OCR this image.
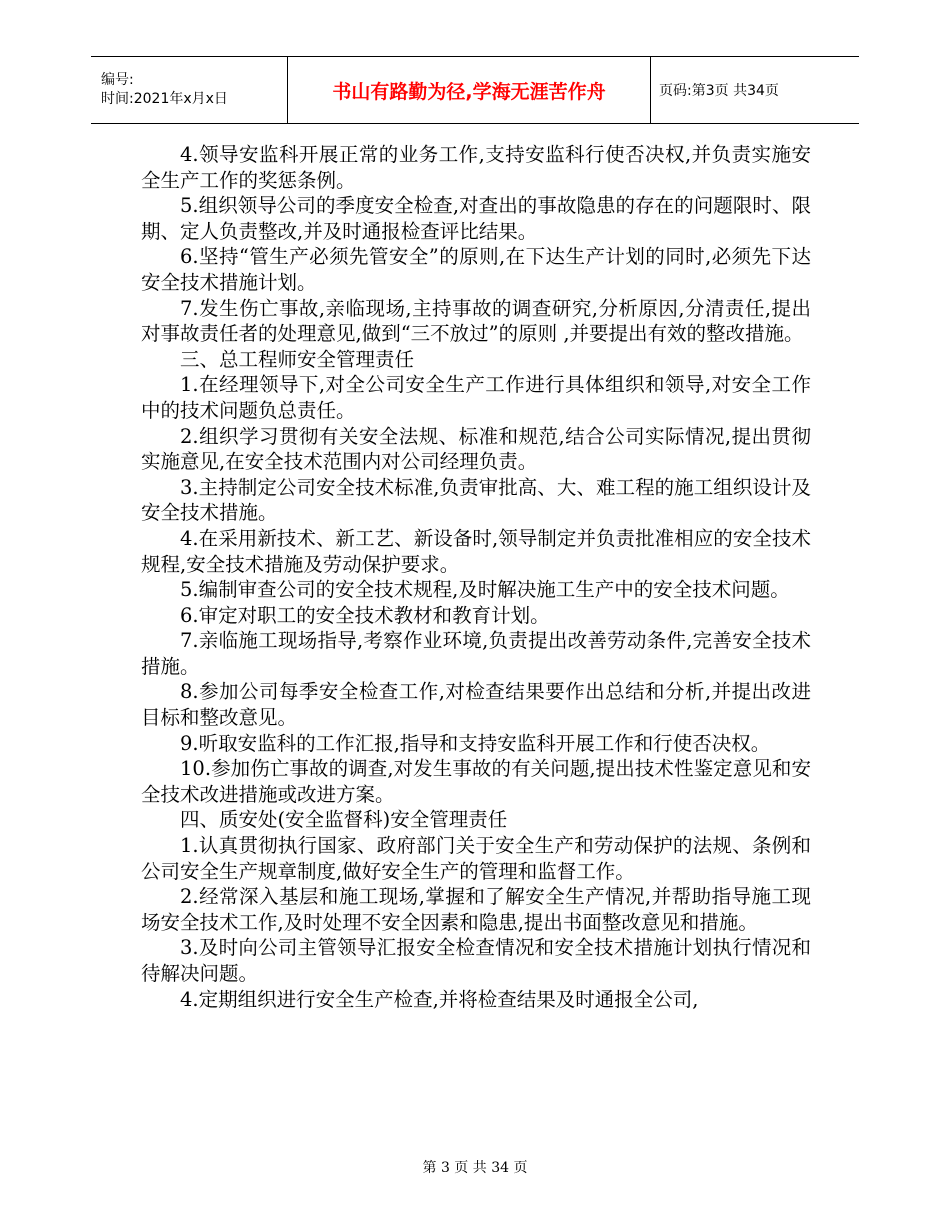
编号:
时间:2021年x月x日	书山有路勤为径,学海无涯苦作舟	页码:第3页 共34页

4.领导安监科开展正常的业务工作,支持安监科行使否决权,并负责实施安全生产工作的奖惩条例。

5.组织领导公司的季度安全检查,对查出的事故隐患的存在的问题限时、限期、定人负责整改,并及时通报检查评比结果。

6.坚持“管生产必须先管安全”的原则,在下达生产计划的同时,必须先下达安全技术措施计划。

7.发生伤亡事故,亲临现场,主持事故的调查研究,分析原因,分清责任,提出对事故责任者的处理意见,做到“三不放过”的原则 ,并要提出有效的整改措施。

三、总工程师安全管理责任

1.在经理领导下,对全公司安全生产工作进行具体组织和领导,对安全工作中的技术问题负总责任。

2.组织学习贯彻有关安全法规、标准和规范,结合公司实际情况,提出贯彻实施意见,在安全技术范围内对公司经理负责。

3.主持制定公司安全技术标准,负责审批高、大、难工程的施工组织设计及安全技术措施。

4.在采用新技术、新工艺、新设备时,领导制定并负责批准相应的安全技术规程,安全技术措施及劳动保护要求。

5.编制审查公司的安全技术规程,及时解决施工生产中的安全技术问题。

6.审定对职工的安全技术教材和教育计划。

7.亲临施工现场指导,考察作业环境,负责提出改善劳动条件,完善安全技术措施。

8.参加公司每季安全检查工作,对检查结果要作出总结和分析,并提出改进目标和整改意见。

9.听取安监科的工作汇报,指导和支持安监科开展工作和行使否决权。

10.参加伤亡事故的调查,对发生事故的有关问题,提出技术性鉴定意见和安全技术改进措施或改进方案。

四、质安处(安全监督科)安全管理责任

1.认真贯彻执行国家、政府部门关于安全生产和劳动保护的法规、条例和公司安全生产规章制度,做好安全生产的管理和监督工作。

2.经常深入基层和施工现场,掌握和了解安全生产情况,并帮助指导施工现场安全技术工作,及时处理不安全因素和隐患,提出书面整改意见和措施。

3.及时向公司主管领导汇报安全检查情况和安全技术措施计划执行情况和待解决问题。

4.定期组织进行安全生产检查,并将检查结果及时通报全公司,

第 3 页 共 34 页
